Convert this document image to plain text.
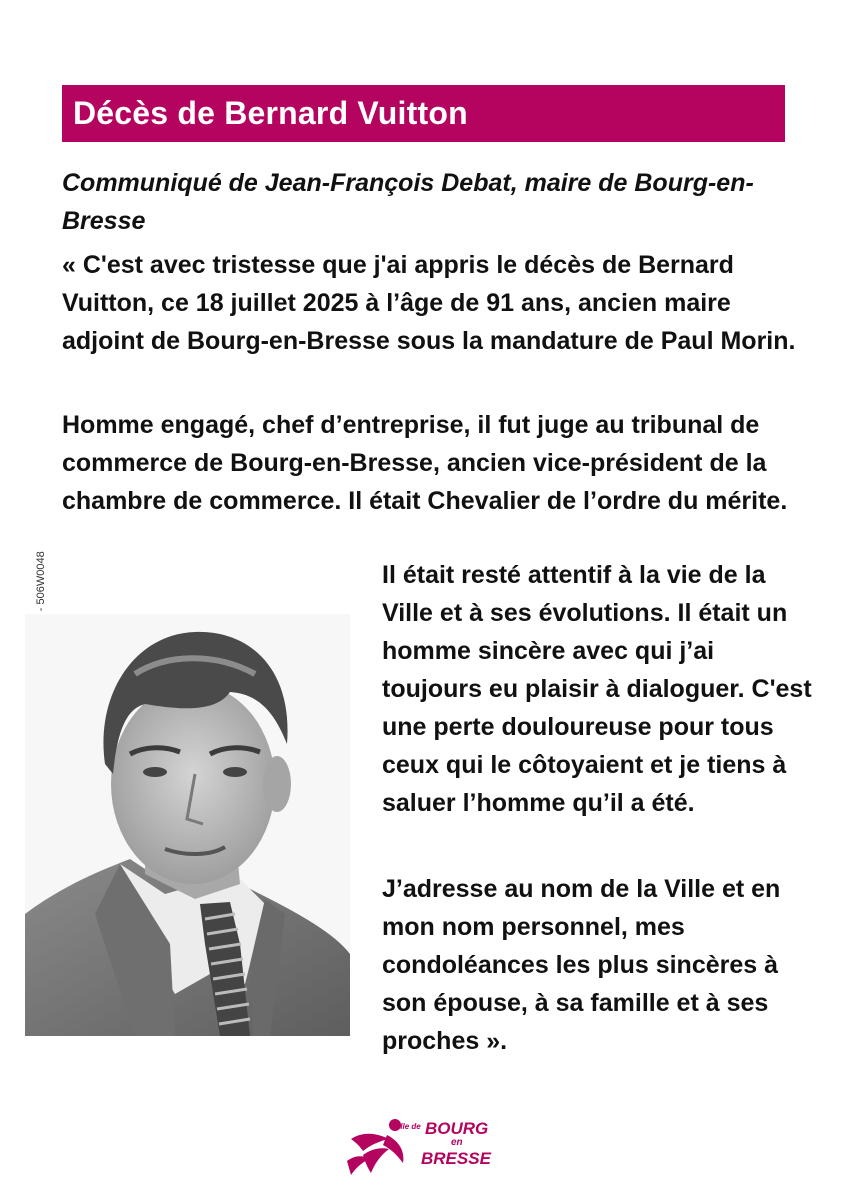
Décès de Bernard Vuitton

Communiqué de Jean-François Debat, maire de Bourg-en-Bresse

« C'est avec tristesse que j'ai appris le décès de Bernard Vuitton, ce 18 juillet 2025 à l’âge de 91 ans, ancien maire adjoint de Bourg-en-Bresse sous la mandature de Paul Morin.

Homme engagé, chef d’entreprise, il fut juge au tribunal de commerce de Bourg-en-Bresse, ancien vice-président de la chambre de commerce. Il était Chevalier de l’ordre du mérite.

Il était resté attentif à la vie de la Ville et à ses évolutions. Il était un homme sincère avec qui j’ai toujours eu plaisir à dialoguer. C'est une perte douloureuse pour tous ceux qui le côtoyaient et je tiens à saluer l’homme qu’il a été.

J’adresse au nom de la Ville et en mon nom personnel, mes condoléances les plus sincères à son épouse, à sa famille et à ses proches ».

Ville de BOURG
en
BRESSE
